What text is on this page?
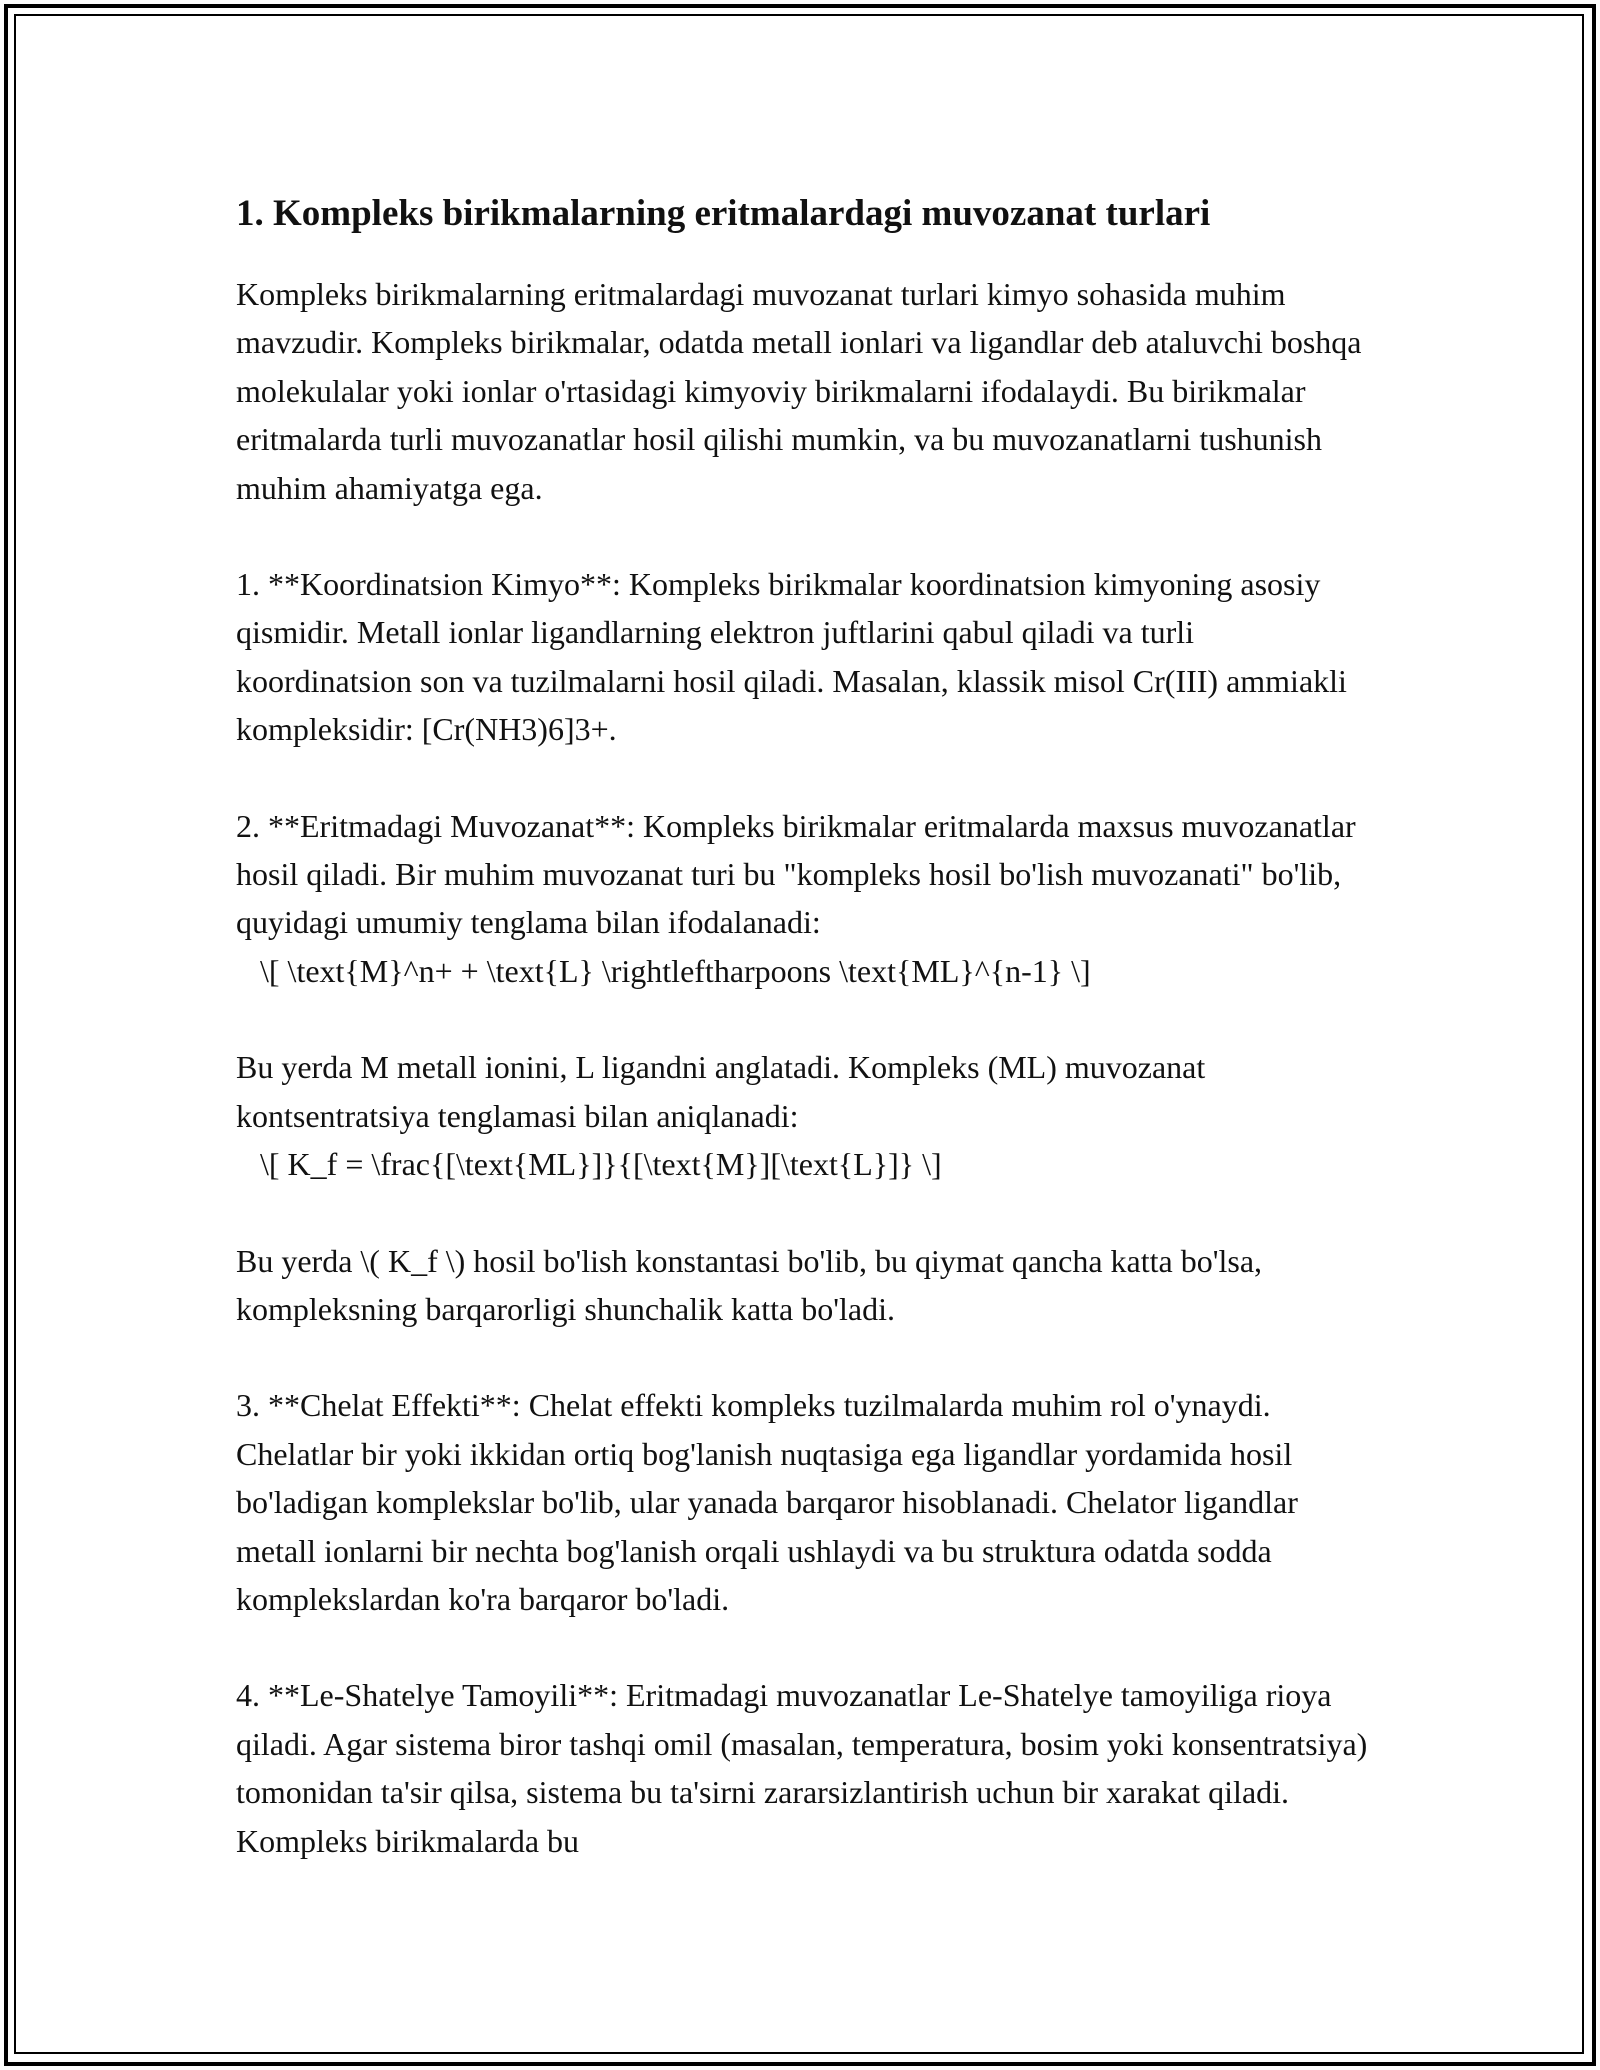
1. Kompleks birikmalarning eritmalardagi muvozanat turlari

Kompleks birikmalarning eritmalardagi muvozanat turlari kimyo sohasida muhim mavzudir. Kompleks birikmalar, odatda metall ionlari va ligandlar deb ataluvchi boshqa molekulalar yoki ionlar o'rtasidagi kimyoviy birikmalarni ifodalaydi. Bu birikmalar eritmalarda turli muvozanatlar hosil qilishi mumkin, va bu muvozanatlarni tushunish muhim ahamiyatga ega.

1. **Koordinatsion Kimyo**: Kompleks birikmalar koordinatsion kimyoning asosiy qismidir. Metall ionlar ligandlarning elektron juftlarini qabul qiladi va turli koordinatsion son va tuzilmalarni hosil qiladi. Masalan, klassik misol Cr(III) ammiakli kompleksidir: [Cr(NH3)6]3+.

2. **Eritmadagi Muvozanat**: Kompleks birikmalar eritmalarda maxsus muvozanatlar hosil qiladi. Bir muhim muvozanat turi bu "kompleks hosil bo'lish muvozanati" bo'lib, quyidagi umumiy tenglama bilan ifodalanadi:
\[ \text{M}^n+ + \text{L} \rightleftharpoons \text{ML}^{n-1} \]

Bu yerda M metall ionini, L ligandni anglatadi. Kompleks (ML) muvozanat kontsentratsiya tenglamasi bilan aniqlanadi:
\[ K_f = \frac{[\text{ML}]}{[\text{M}][\text{L}]} \]

Bu yerda \( K_f \) hosil bo'lish konstantasi bo'lib, bu qiymat qancha katta bo'lsa, kompleksning barqarorligi shunchalik katta bo'ladi.

3. **Chelat Effekti**: Chelat effekti kompleks tuzilmalarda muhim rol o'ynaydi. Chelatlar bir yoki ikkidan ortiq bog'lanish nuqtasiga ega ligandlar yordamida hosil bo'ladigan komplekslar bo'lib, ular yanada barqaror hisoblanadi. Chelator ligandlar metall ionlarni bir nechta bog'lanish orqali ushlaydi va bu struktura odatda sodda komplekslardan ko'ra barqaror bo'ladi.

4. **Le-Shatelye Tamoyili**: Eritmadagi muvozanatlar Le-Shatelye tamoyiliga rioya qiladi. Agar sistema biror tashqi omil (masalan, temperatura, bosim yoki konsentratsiya) tomonidan ta'sir qilsa, sistema bu ta'sirni zararsizlantirish uchun bir xarakat qiladi. Kompleks birikmalarda bu
